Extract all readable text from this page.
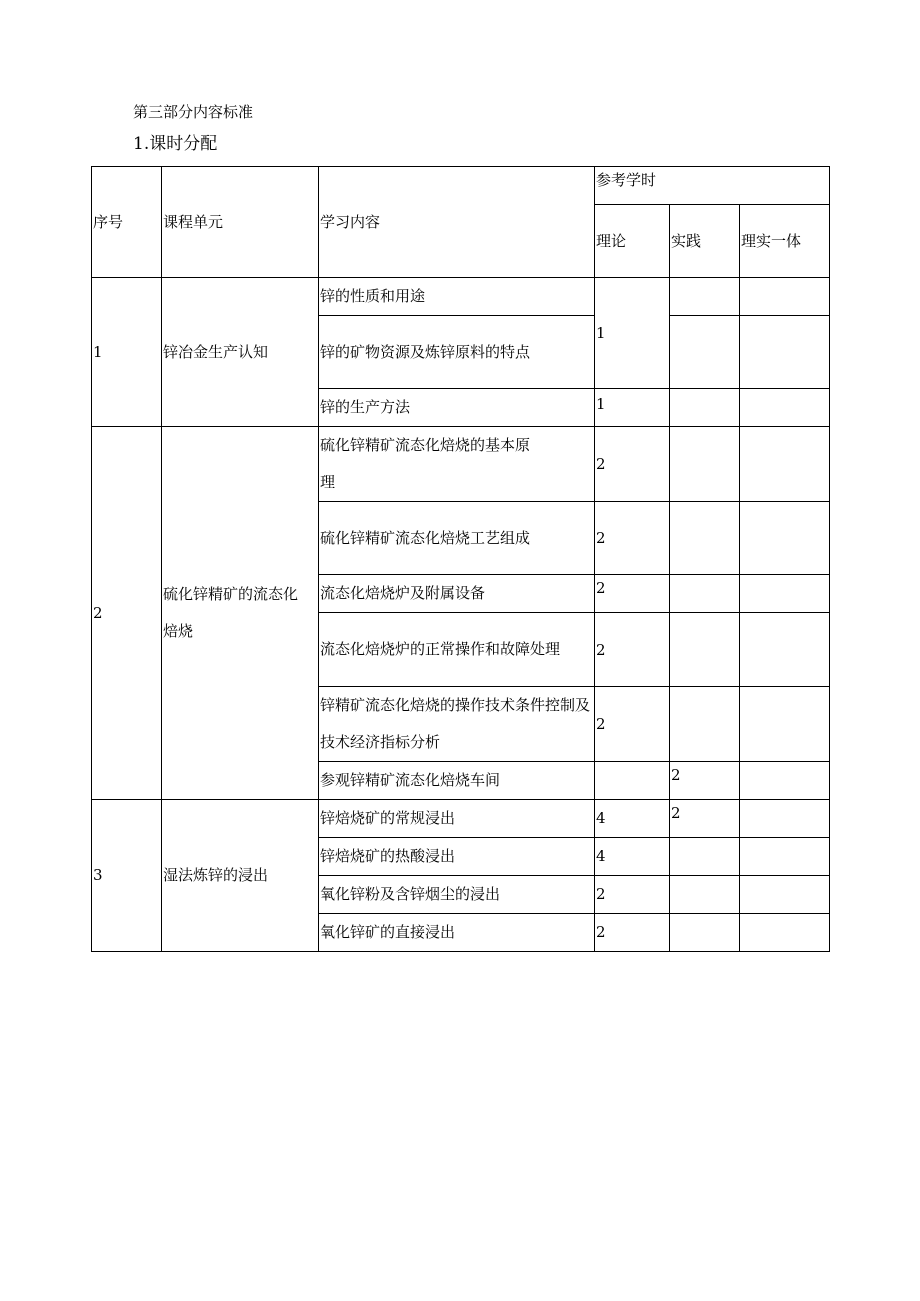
第三部分内容标准
1.课时分配
序号	课程单元	学习内容	参考学时		
			理论	实践	理实一体
1	锌冶金生产认知	锌的性质和用途	1		
		锌的矿物资源及炼锌原料的特点			
		锌的生产方法	1		
2	硫化锌精矿的流态化焙烧	硫化锌精矿流态化焙烧的基本原理	2		
		硫化锌精矿流态化焙烧工艺组成	2		
		流态化焙烧炉及附属设备	2		
		流态化焙烧炉的正常操作和故障处理	2		
		锌精矿流态化焙烧的操作技术条件控制及技术经济指标分析	2		
		参观锌精矿流态化焙烧车间		2	
3	湿法炼锌的浸出	锌焙烧矿的常规浸出	4	2	
		锌焙烧矿的热酸浸出	4		
		氧化锌粉及含锌烟尘的浸出	2		
		氧化锌矿的直接浸出	2		
